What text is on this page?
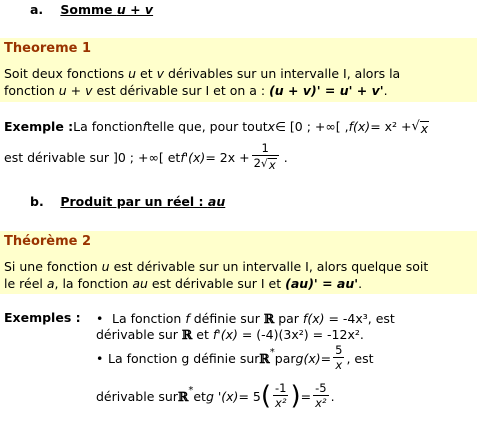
a. Somme u + v
Theoreme 1
Soit deux fonctions u et v dérivables sur un intervalle I, alors la
fonction u + v est dérivable sur I et on a : (u + v)' = u' + v'.
Exemple : La fonction f telle que, pour tout x ∈ [0 ; +∞[ , f(x) = x² + √ x
est dérivable sur ]0 ; +∞[ et $f'(x) = 2x + \frac{1}{2 √ x}$ .
b. Produit par un réel : au
Théorème 2
Si une fonction u est dérivable sur un intervalle I, alors quelque soit
le réel a, la fonction au est dérivable sur I et (au)' = au'.
Exemples : • La fonction f définie sur ℝ par f(x) = -4x³, est
dérivable sur ℝ et f'(x) = (-4)(3x²) = -12x².
• La fonction g définie sur ℝ* par $g(x) = \frac{5}{x}$ , est
dérivable sur ℝ* et g '(x) = 5 ( $\frac{-1}{\text{x²}}$ ) = $\frac{-5}{\text{x²}}$ .
